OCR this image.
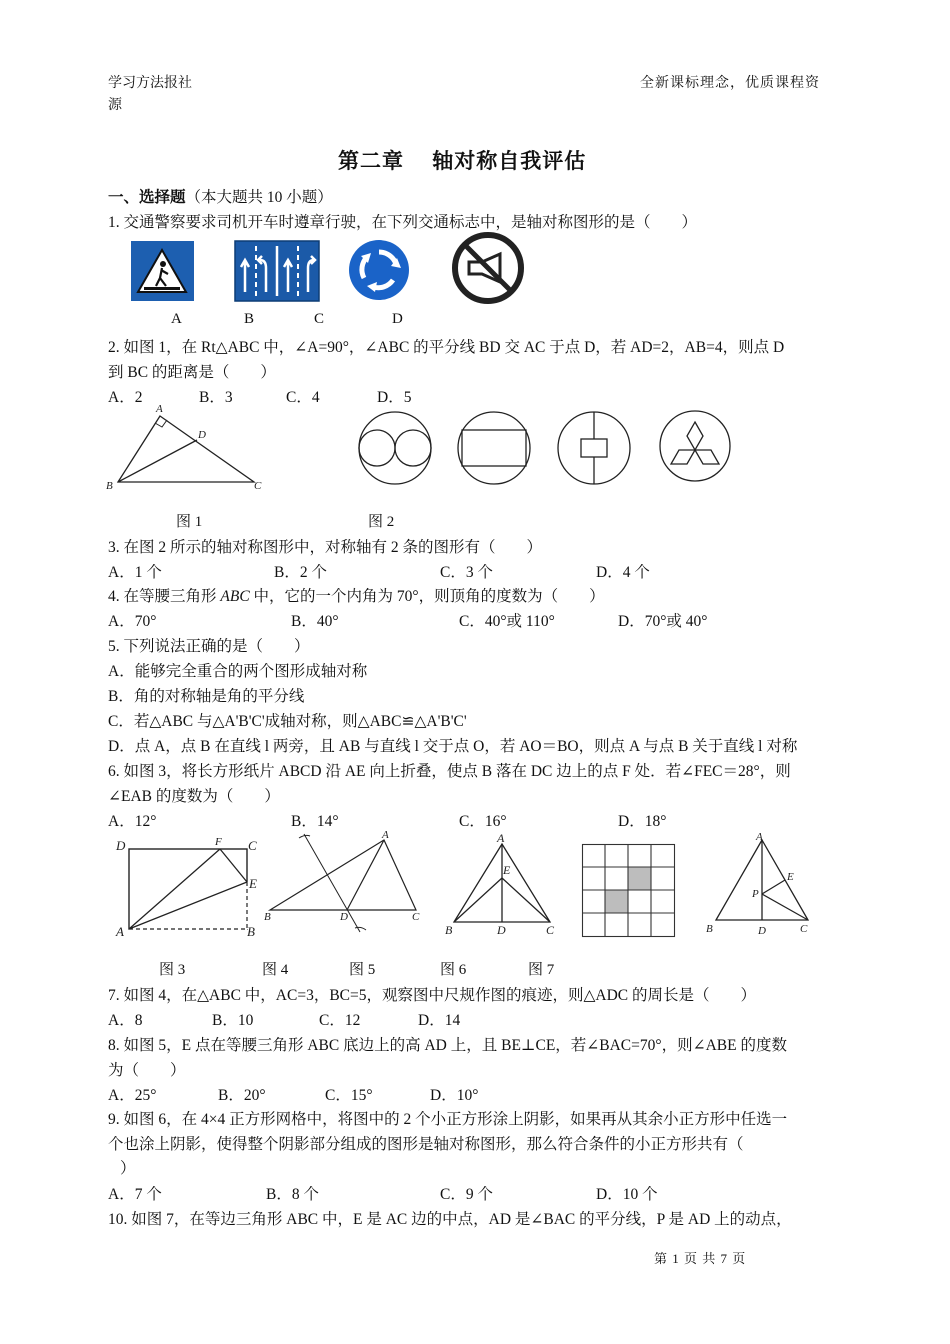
学习方法报社
源
全新课标理念，优质课程资
第二章　 轴对称自我评估
一、选择题（本大题共 10 小题）
1. 交通警察要求司机开车时遵章行驶，在下列交通标志中，是轴对称图形的是（　　）
A	B	C	D
2. 如图 1，在 Rt△ABC 中，∠A=90°，∠ABC 的平分线 BD 交 AC 于点 D，若 AD=2，AB=4，则点 D
到 BC 的距离是（　　）
A．2	B．3	C．4	D．5
A
D
B	C
图 1	图 2
3. 在图 2 所示的轴对称图形中，对称轴有 2 条的图形有（　　）
A．1 个	B．2 个	C．3 个	D．4 个
4. 在等腰三角形 ABC 中，它的一个内角为 70°，则顶角的度数为（　　）
A．70°	B．40°	C．40°或 110°	D．70°或 40°
5. 下列说法正确的是（　　）
A．能够完全重合的两个图形成轴对称
B．角的对称轴是角的平分线
C．若△ABC 与△A'B'C'成轴对称，则△ABC≌△A'B'C'
D．点 A，点 B 在直线 l 两旁，且 AB 与直线 l 交于点 O，若 AO＝BO，则点 A 与点 B 关于直线 l 对称
6. 如图 3，将长方形纸片 ABCD 沿 AE 向上折叠，使点 B 落在 DC 边上的点 F 处．若∠FEC＝28°，则
∠EAB 的度数为（　　）
A．12°	B．14°	C．16°	D．18°
D	F C
E
A	B
A
B	D	C
A
E
B	D	C
A
E
P
B	D	C
图 3	图 4	图 5	图 6	图 7
7. 如图 4，在△ABC 中，AC=3，BC=5，观察图中尺规作图的痕迹，则△ADC 的周长是（　　）
A．8	B．10	C．12	D．14
8. 如图 5，E 点在等腰三角形 ABC 底边上的高 AD 上，且 BE⊥CE，若∠BAC=70°，则∠ABE 的度数
为（　　）
A．25°	B．20°	C．15°	D．10°
9. 如图 6，在 4×4 正方形网格中，将图中的 2 个小正方形涂上阴影，如果再从其余小正方形中任选一
个也涂上阴影，使得整个阴影部分组成的图形是轴对称图形，那么符合条件的小正方形共有（
）
A．7 个	B．8 个	C．9 个	D．10 个
10. 如图 7，在等边三角形 ABC 中，E 是 AC 边的中点，AD 是∠BAC 的平分线，P 是 AD 上的动点，
第 1 页 共 7 页
